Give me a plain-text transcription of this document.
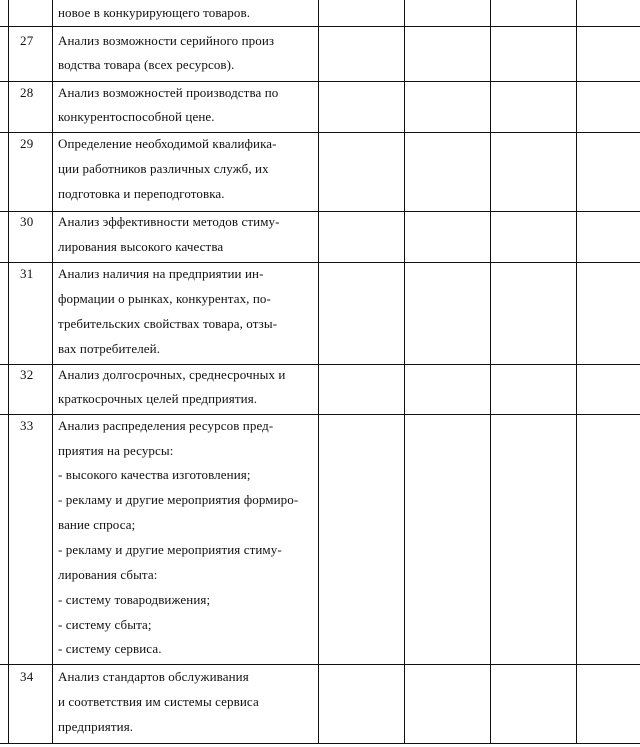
новое в конкурирующего товаров.
27 Анализ возможности серийного произ
водства товара (всех ресурсов).
28 Анализ возможностей производства по
конкурентоспособной цене.
29 Определение необходимой квалифика-
ции работников различных служб, их
подготовка и переподготовка.
30 Анализ эффективности методов стиму-
лирования высокого качества
31 Анализ наличия на предприятии ин-
формации о рынках, конкурентах, по-
требительских свойствах товара, отзы-
вах потребителей.
32 Анализ долгосрочных, среднесрочных и
краткосрочных целей предприятия.
33 Анализ распределения ресурсов пред-
приятия на ресурсы:
- высокого качества изготовления;
- рекламу и другие мероприятия формиро-
вание спроса;
- рекламу и другие мероприятия стиму-
лирования сбыта:
- систему товародвижения;
- систему сбыта;
- систему сервиса.
34 Анализ стандартов обслуживания
и соответствия им системы сервиса
предприятия.
